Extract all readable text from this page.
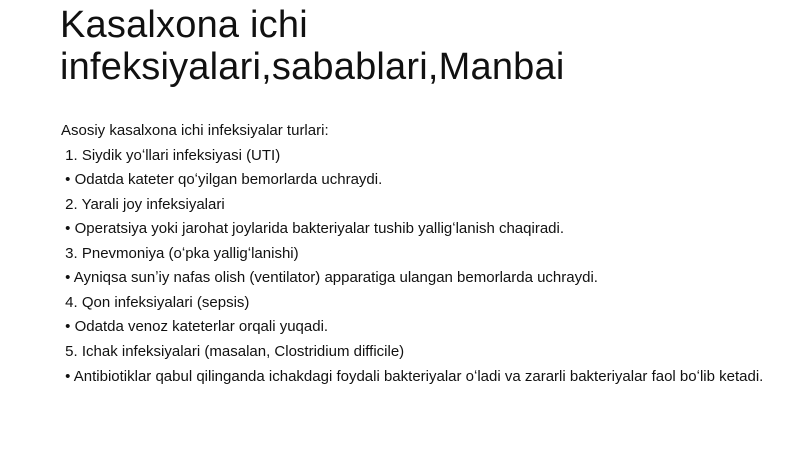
Kasalxona ichi infeksiyalari,sabablari,Manbai
Asosiy kasalxona ichi infeksiyalar turlari:
1. Siydik yoʻllari infeksiyasi (UTI)
• Odatda kateter qoʻyilgan bemorlarda uchraydi.
2. Yarali joy infeksiyalari
• Operatsiya yoki jarohat joylarida bakteriyalar tushib yalligʻlanish chaqiradi.
3. Pnevmoniya (oʻpka yalligʻlanishi)
• Ayniqsa sunʼiy nafas olish (ventilator) apparatiga ulangan bemorlarda uchraydi.
4. Qon infeksiyalari (sepsis)
• Odatda venoz kateterlar orqali yuqadi.
5. Ichak infeksiyalari (masalan, Clostridium difficile)
• Antibiotiklar qabul qilinganda ichakdagi foydali bakteriyalar oʻladi va zararli bakteriyalar faol boʻlib ketadi.
